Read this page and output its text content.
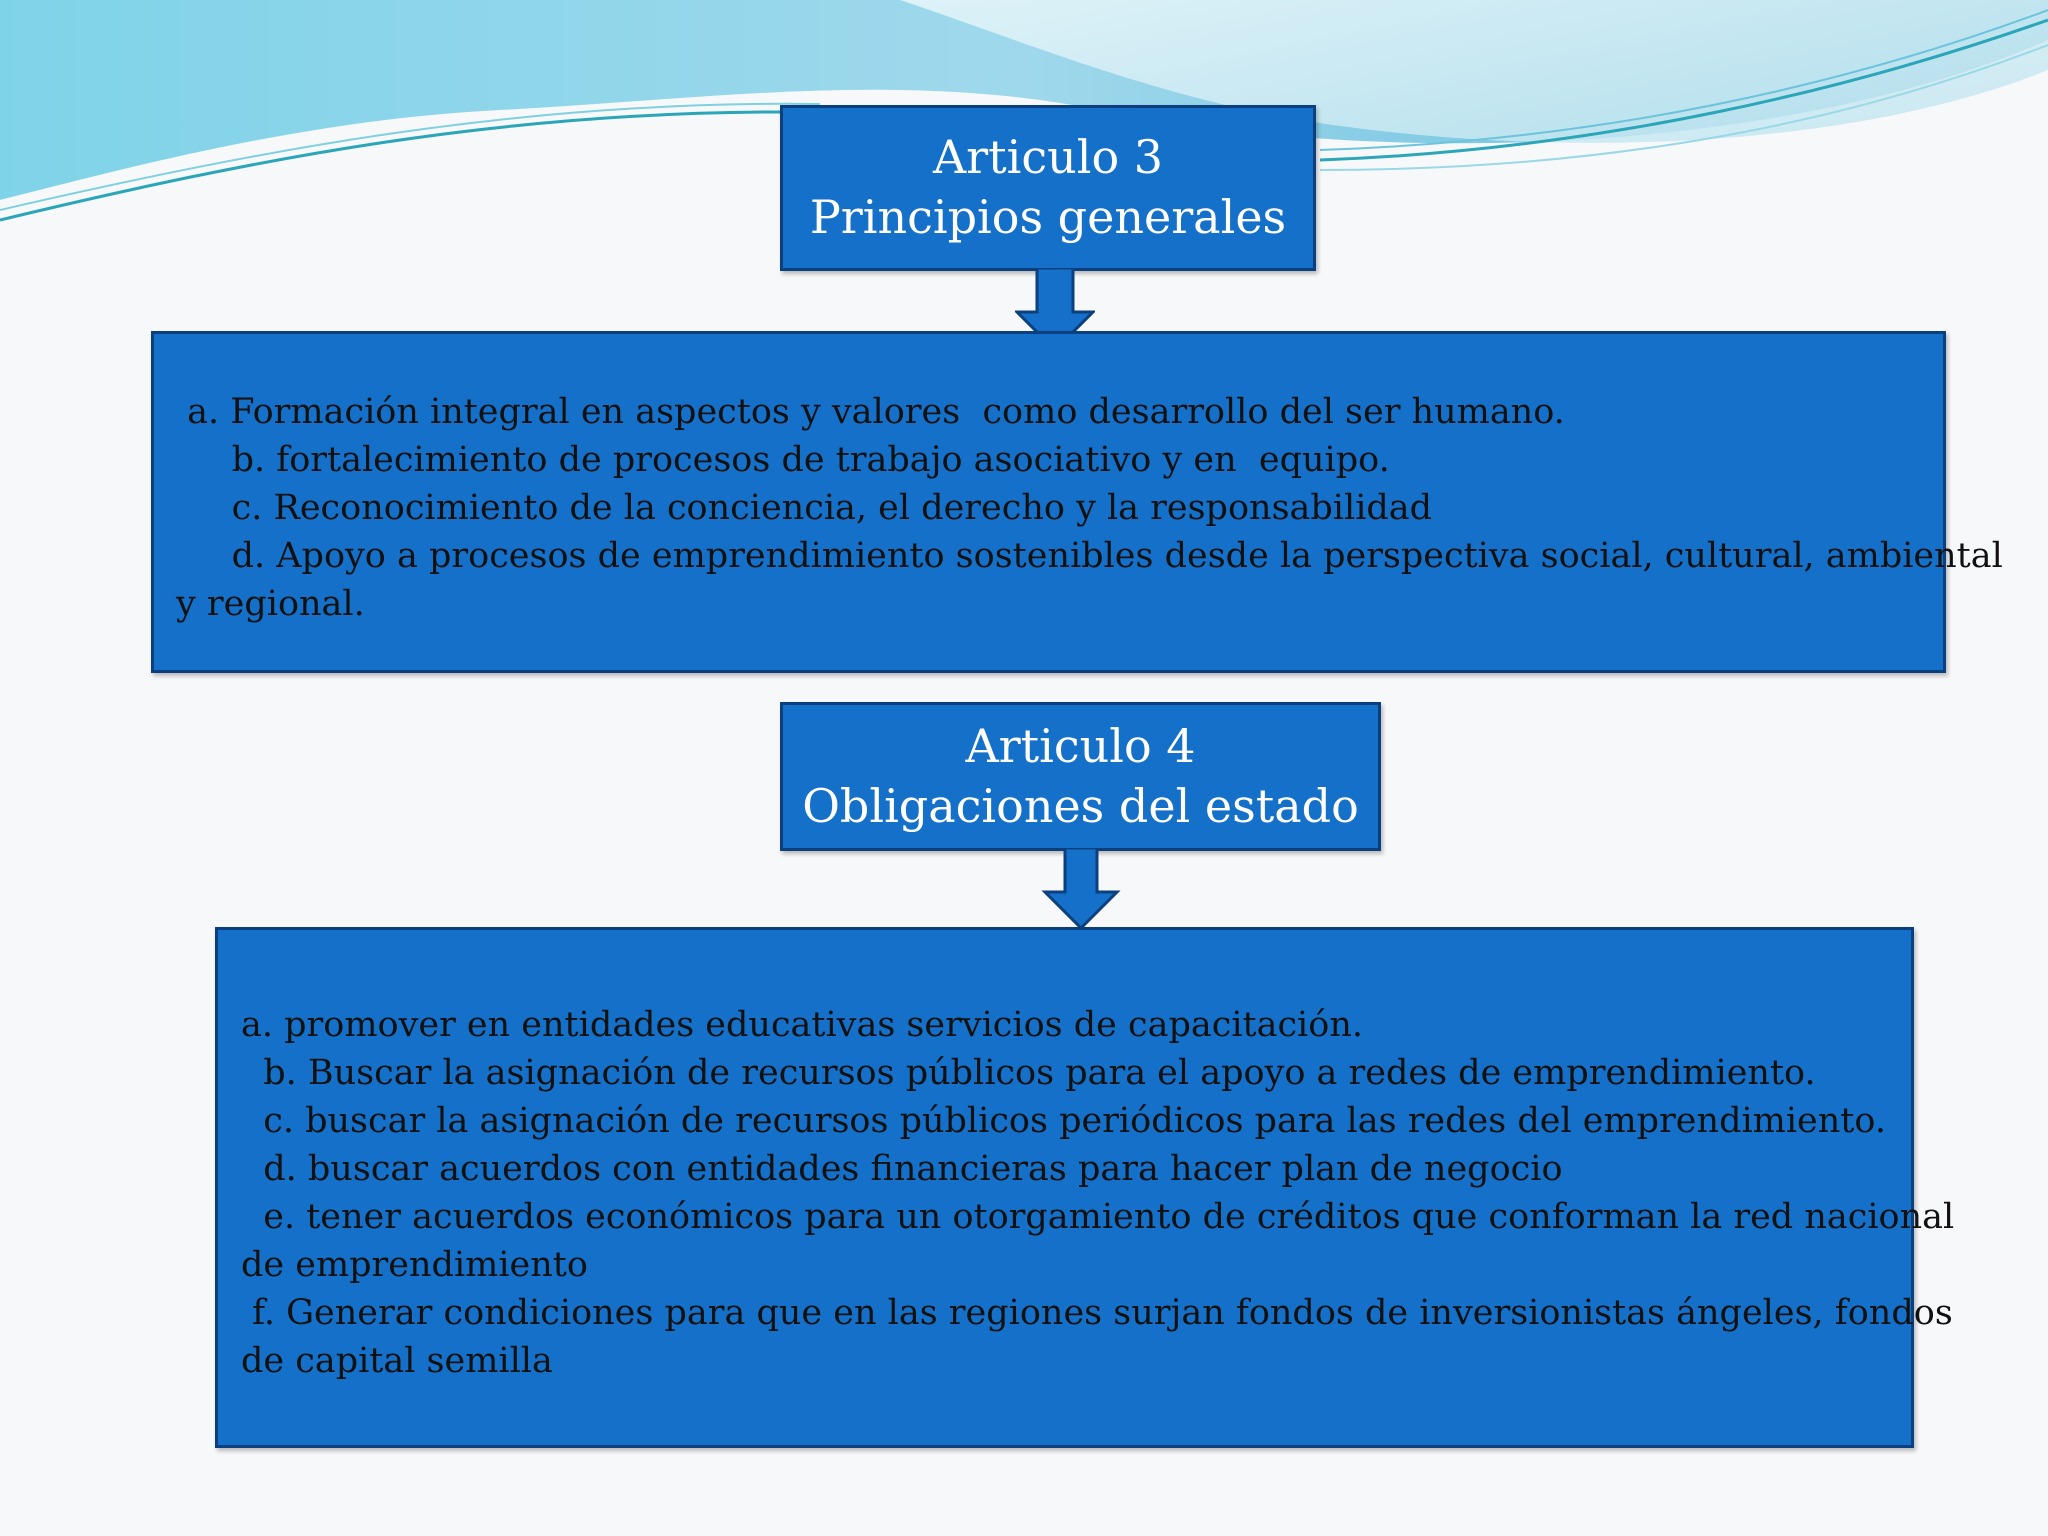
Articulo 3
Principios generales
a. Formación integral en aspectos y valores  como desarrollo del ser humano.
b. fortalecimiento de procesos de trabajo asociativo y en  equipo.
c. Reconocimiento de la conciencia, el derecho y la responsabilidad
d. Apoyo a procesos de emprendimiento sostenibles desde la perspectiva social, cultural, ambiental
y regional.
Articulo 4
Obligaciones del estado
a. promover en entidades educativas servicios de capacitación.
b. Buscar la asignación de recursos públicos para el apoyo a redes de emprendimiento.
c. buscar la asignación de recursos públicos periódicos para las redes del emprendimiento.
d. buscar acuerdos con entidades financieras para hacer plan de negocio
e. tener acuerdos económicos para un otorgamiento de créditos que conforman la red nacional
de emprendimiento
f. Generar condiciones para que en las regiones surjan fondos de inversionistas ángeles, fondos
de capital semilla
